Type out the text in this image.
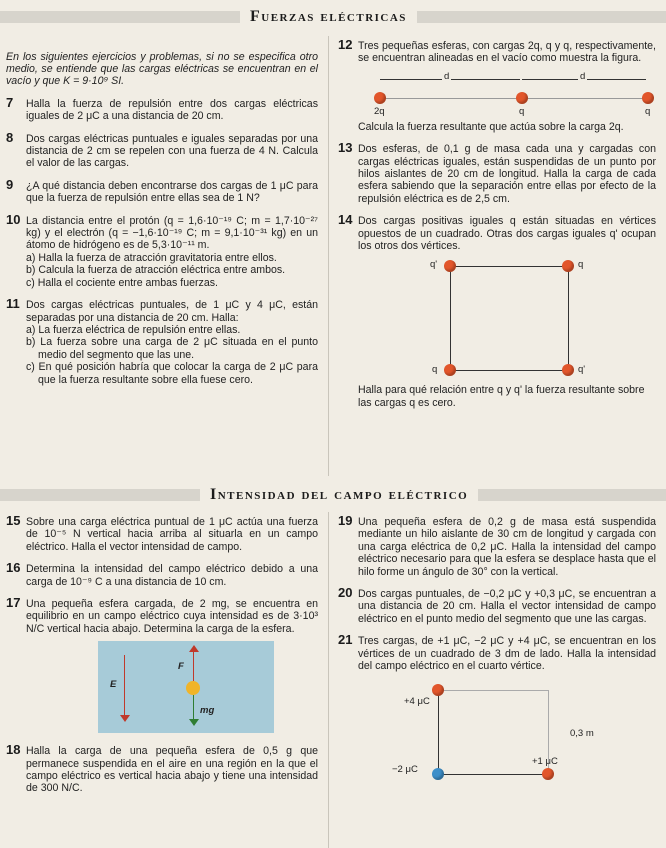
Fuerzas eléctricas

En los siguientes ejercicios y problemas, si no se especifica otro medio, se entiende que las cargas eléctricas se encuentran en el vacío y que K = 9·10⁹ SI.

7 Halla la fuerza de repulsión entre dos cargas eléctricas iguales de 2 μC a una distancia de 20 cm.
8 Dos cargas eléctricas puntuales e iguales separadas por una distancia de 2 cm se repelen con una fuerza de 4 N. Calcula el valor de las cargas.
9 ¿A qué distancia deben encontrarse dos cargas de 1 μC para que la fuerza de repulsión entre ellas sea de 1 N?
10 La distancia entre el protón (q = 1,6·10⁻¹⁹ C; m = 1,7·10⁻²⁷ kg) y el electrón (q = −1,6·10⁻¹⁹ C; m = 9,1·10⁻³¹ kg) en un átomo de hidrógeno es de 5,3·10⁻¹¹ m.

a) Halla la fuerza de atracción gravitatoria entre ellos.

b) Calcula la fuerza de atracción eléctrica entre ambos.

c) Halla el cociente entre ambas fuerzas.

11 Dos cargas eléctricas puntuales, de 1 μC y 4 μC, están separadas por una distancia de 20 cm. Halla:

a) La fuerza eléctrica de repulsión entre ellas.

b) La fuerza sobre una carga de 2 μC situada en el punto medio del segmento que las une.

c) En qué posición habría que colocar la carga de 2 μC para que la fuerza resultante sobre ella fuese cero.

12 Tres pequeñas esferas, con cargas 2q, q y q, respectivamente, se encuentran alineadas en el vacío como muestra la figura.
d	d
2q	q	q
Calcula la fuerza resultante que actúa sobre la carga 2q.
13 Dos esferas, de 0,1 g de masa cada una y cargadas con cargas eléctricas iguales, están suspendidas de un punto por hilos aislantes de 20 cm de longitud. Halla la carga de cada esfera sabiendo que la separación entre ellas por efecto de la repulsión eléctrica es de 2,5 cm.
14 Dos cargas positivas iguales q están situadas en vértices opuestos de un cuadrado. Otras dos cargas iguales q' ocupan los otros dos vértices.
q'	q
q	q'
Halla para qué relación entre q y q' la fuerza resultante sobre las cargas q es cero.
Intensidad del campo eléctrico
15 Sobre una carga eléctrica puntual de 1 μC actúa una fuerza de 10⁻⁵ N vertical hacia arriba al situarla en un campo eléctrico. Halla el vector intensidad de campo.
16 Determina la intensidad del campo eléctrico debido a una carga de 10⁻⁹ C a una distancia de 10 cm.
17 Una pequeña esfera cargada, de 2 mg, se encuentra en equilibrio en un campo eléctrico cuya intensidad es de 3·10³ N/C vertical hacia abajo. Determina la carga de la esfera.
E
F
mg
18 Halla la carga de una pequeña esfera de 0,5 g que permanece suspendida en el aire en una región en la que el campo eléctrico es vertical hacia abajo y tiene una intensidad de 300 N/C.
19 Una pequeña esfera de 0,2 g de masa está suspendida mediante un hilo aislante de 30 cm de longitud y cargada con una carga eléctrica de 0,2 μC. Halla la intensidad del campo eléctrico necesario para que la esfera se desplace hasta que el hilo forme un ángulo de 30° con la vertical.
20 Dos cargas puntuales, de −0,2 μC y +0,3 μC, se encuentran a una distancia de 20 cm. Halla el vector intensidad de campo eléctrico en el punto medio del segmento que une las cargas.
21 Tres cargas, de +1 μC, −2 μC y +4 μC, se encuentran en los vértices de un cuadrado de 3 dm de lado. Halla la intensidad del campo eléctrico en el cuarto vértice.
+4 μC
−2 μC
+1 μC
0,3 m
